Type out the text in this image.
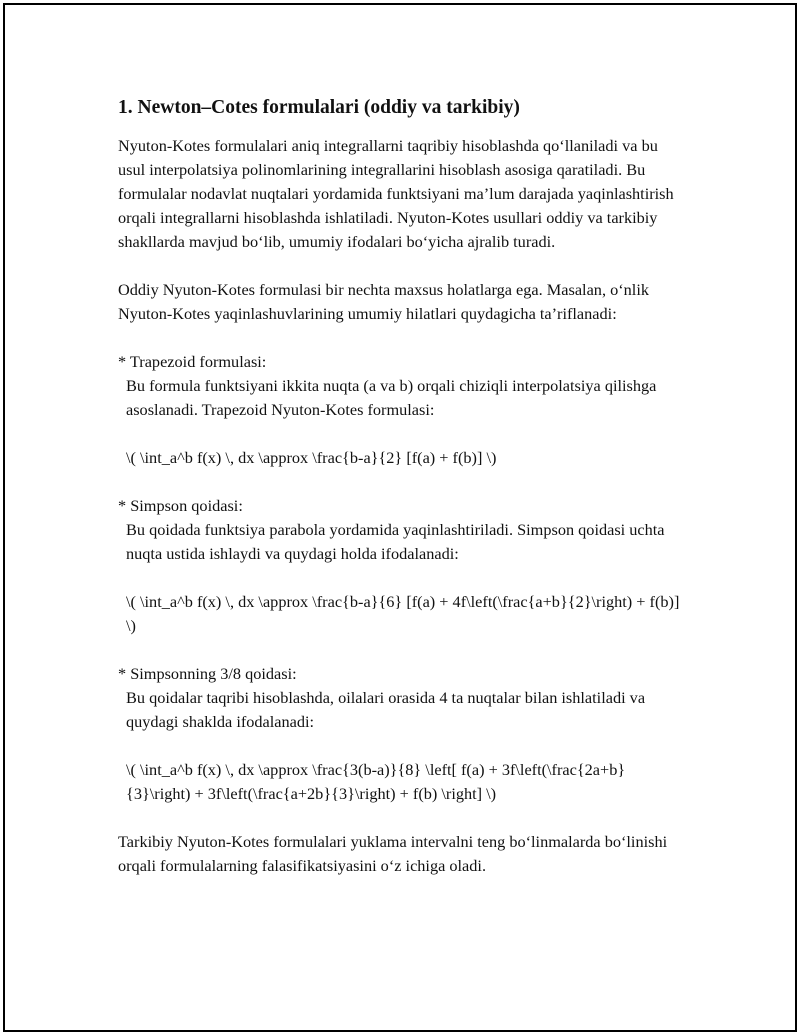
1. Newton–Cotes formulalari (oddiy va tarkibiy)

Nyuton-Kotes formulalari aniq integrallarni taqribiy hisoblashda qo‘llaniladi va bu usul interpolatsiya polinomlarining integrallarini hisoblash asosiga qaratiladi. Bu formulalar nodavlat nuqtalari yordamida funktsiyani ma’lum darajada yaqinlashtirish orqali integrallarni hisoblashda ishlatiladi. Nyuton-Kotes usullari oddiy va tarkibiy shakllarda mavjud bo‘lib, umumiy ifodalari bo‘yicha ajralib turadi.

Oddiy Nyuton-Kotes formulasi bir nechta maxsus holatlarga ega. Masalan, o‘nlik Nyuton-Kotes yaqinlashuvlarining umumiy hilatlari quydagicha ta’riflanadi:

* Trapezoid formulasi:

Bu formula funktsiyani ikkita nuqta (a va b) orqali chiziqli interpolatsiya qilishga asoslanadi. Trapezoid Nyuton-Kotes formulasi:

\( \int_a^b f(x) \, dx \approx \frac{b-a}{2} [f(a) + f(b)] \)

* Simpson qoidasi:

Bu qoidada funktsiya parabola yordamida yaqinlashtiriladi. Simpson qoidasi uchta nuqta ustida ishlaydi va quydagi holda ifodalanadi:

\( \int_a^b f(x) \, dx \approx \frac{b-a}{6} [f(a) + 4f\left(\frac{a+b}{2}\right) + f(b)] \)

* Simpsonning 3/8 qoidasi:

Bu qoidalar taqribi hisoblashda, oilalari orasida 4 ta nuqtalar bilan ishlatiladi va quydagi shaklda ifodalanadi:

\( \int_a^b f(x) \, dx \approx \frac{3(b-a)}{8} \left[ f(a) + 3f\left(\frac{2a+b}{3}\right) + 3f\left(\frac{a+2b}{3}\right) + f(b) \right] \)

Tarkibiy Nyuton-Kotes formulalari yuklama intervalni teng bo‘linmalarda bo‘linishi orqali formulalarning falasifikatsiyasini o‘z ichiga oladi.
